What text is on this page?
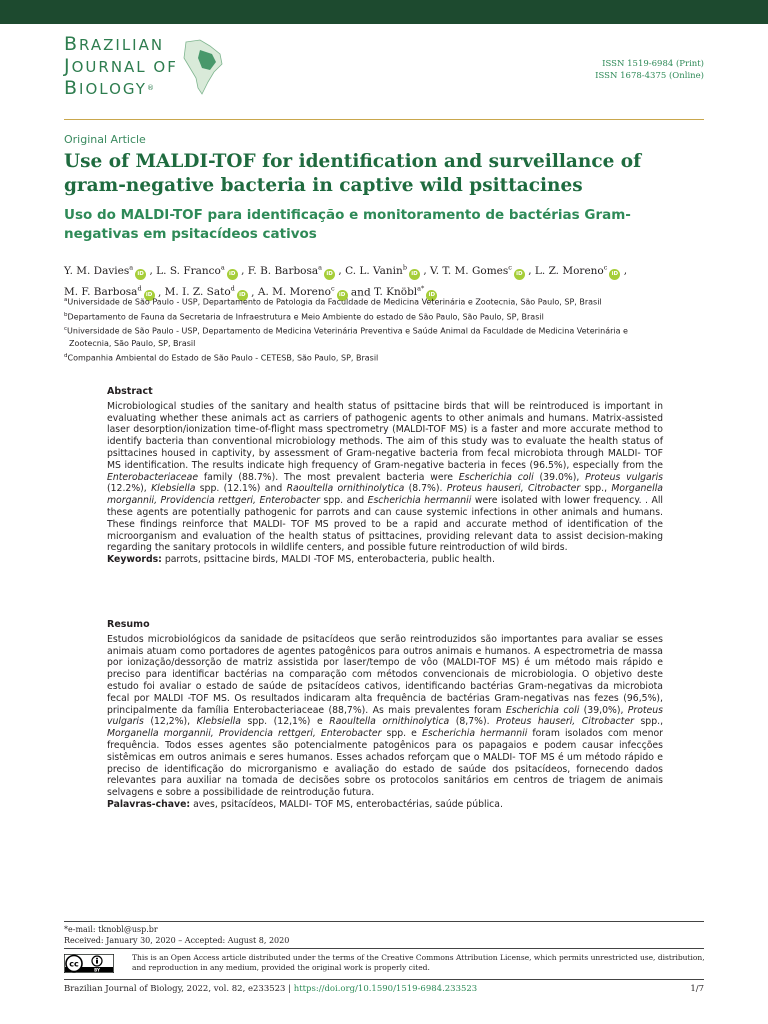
BRAZILIAN
JOURNAL OF
BIOLOGY®
ISSN 1519-6984 (Print)
ISSN 1678-4375 (Online)
Original Article
Use of MALDI-TOF for identification and surveillance of gram-negative bacteria in captive wild psittacines
Uso do MALDI-TOF para identificação e monitoramento de bactérias Gram-negativas em psitacídeos cativos
Y. M. Davies$^a$iD , L. S. Franco$^a$iD , F. B. Barbosa$^a$iD , C. L. Vanin$^b$iD , V. T. M. Gomes$^c$iD , L. Z. Moreno$^c$iD ,
M. F. Barbosa$^d$iD , M. I. Z. Sato$^d$iD , A. M. Moreno$^c$iD and T. Knöbl$^{a*}$iD
$^a$Universidade de São Paulo - USP, Departamento de Patologia da Faculdade de Medicina Veterinária e Zootecnia, São Paulo, SP, Brasil
$^b$Departamento de Fauna da Secretaria de Infraestrutura e Meio Ambiente do estado de São Paulo, São Paulo, SP, Brasil
$^c$Universidade de São Paulo - USP, Departamento de Medicina Veterinária Preventiva e Saúde Animal da Faculdade de Medicina Veterinária e
Zootecnia, São Paulo, SP, Brasil
$^d$Companhia Ambiental do Estado de São Paulo - CETESB, São Paulo, SP, Brasil
Abstract

Microbiological studies of the sanitary and health status of psittacine birds that will be reintroduced is important in evaluating whether these animals act as carriers of pathogenic agents to other animals and humans. Matrix-assisted laser desorption/ionization time-of-flight mass spectrometry (MALDI-TOF MS) is a faster and more accurate method to identify bacteria than conventional microbiology methods. The aim of this study was to evaluate the health status of psittacines housed in captivity, by assessment of Gram-negative bacteria from fecal microbiota through MALDI- TOF MS identification. The results indicate high frequency of Gram-negative bacteria in feces (96.5%), especially from the Enterobacteriaceae family (88.7%). The most prevalent bacteria were Escherichia coli (39.0%), Proteus vulgaris (12.2%), Klebsiella spp. (12.1%) and Raoultella ornithinolytica (8.7%). Proteus hauseri, Citrobacter spp., Morganella morgannii, Providencia rettgeri, Enterobacter spp. and Escherichia hermannii were isolated with lower frequency. . All these agents are potentially pathogenic for parrots and can cause systemic infections in other animals and humans. These findings reinforce that MALDI- TOF MS proved to be a rapid and accurate method of identification of the microorganism and evaluation of the health status of psittacines, providing relevant data to assist decision-making regarding the sanitary protocols in wildlife centers, and possible future reintroduction of wild birds.

Keywords: parrots, psittacine birds, MALDI -TOF MS, enterobacteria, public health.

Resumo

Estudos microbiológicos da sanidade de psitacídeos que serão reintroduzidos são importantes para avaliar se esses animais atuam como portadores de agentes patogênicos para outros animais e humanos. A espectrometria de massa por ionização/dessorção de matriz assistida por laser/tempo de vôo (MALDI-TOF MS) é um método mais rápido e preciso para identificar bactérias na comparação com métodos convencionais de microbiologia. O objetivo deste estudo foi avaliar o estado de saúde de psitacídeos cativos, identificando bactérias Gram-negativas da microbiota fecal por MALDI -TOF MS. Os resultados indicaram alta frequência de bactérias Gram-negativas nas fezes (96,5%), principalmente da família Enterobacteriaceae (88,7%). As mais prevalentes foram Escherichia coli (39,0%), Proteus vulgaris (12,2%), Klebsiella spp. (12,1%) e Raoultella ornithinolytica (8,7%). Proteus hauseri, Citrobacter spp., Morganella morgannii, Providencia rettgeri, Enterobacter spp. e Escherichia hermannii foram isolados com menor frequência. Todos esses agentes são potencialmente patogênicos para os papagaios e podem causar infecções sistêmicas em outros animais e seres humanos. Esses achados reforçam que o MALDI- TOF MS é um método rápido e preciso de identificação do microrganismo e avaliação do estado de saúde dos psitacídeos, fornecendo dados relevantes para auxiliar na tomada de decisões sobre os protocolos sanitários em centros de triagem de animais selvagens e sobre a possibilidade de reintrodução futura.

Palavras-chave: aves, psitacídeos, MALDI- TOF MS, enterobactérias, saúde pública.

*e-mail: tknobl@usp.br
Received: January 30, 2020 – Accepted: August 8, 2020
cc
BY
This is an Open Access article distributed under the terms of the Creative Commons Attribution License, which permits unrestricted use, distribution, and reproduction in any medium, provided the original work is properly cited.
Brazilian Journal of Biology, 2022, vol. 82, e233523 | https://doi.org/10.1590/1519-6984.233523	1/7
